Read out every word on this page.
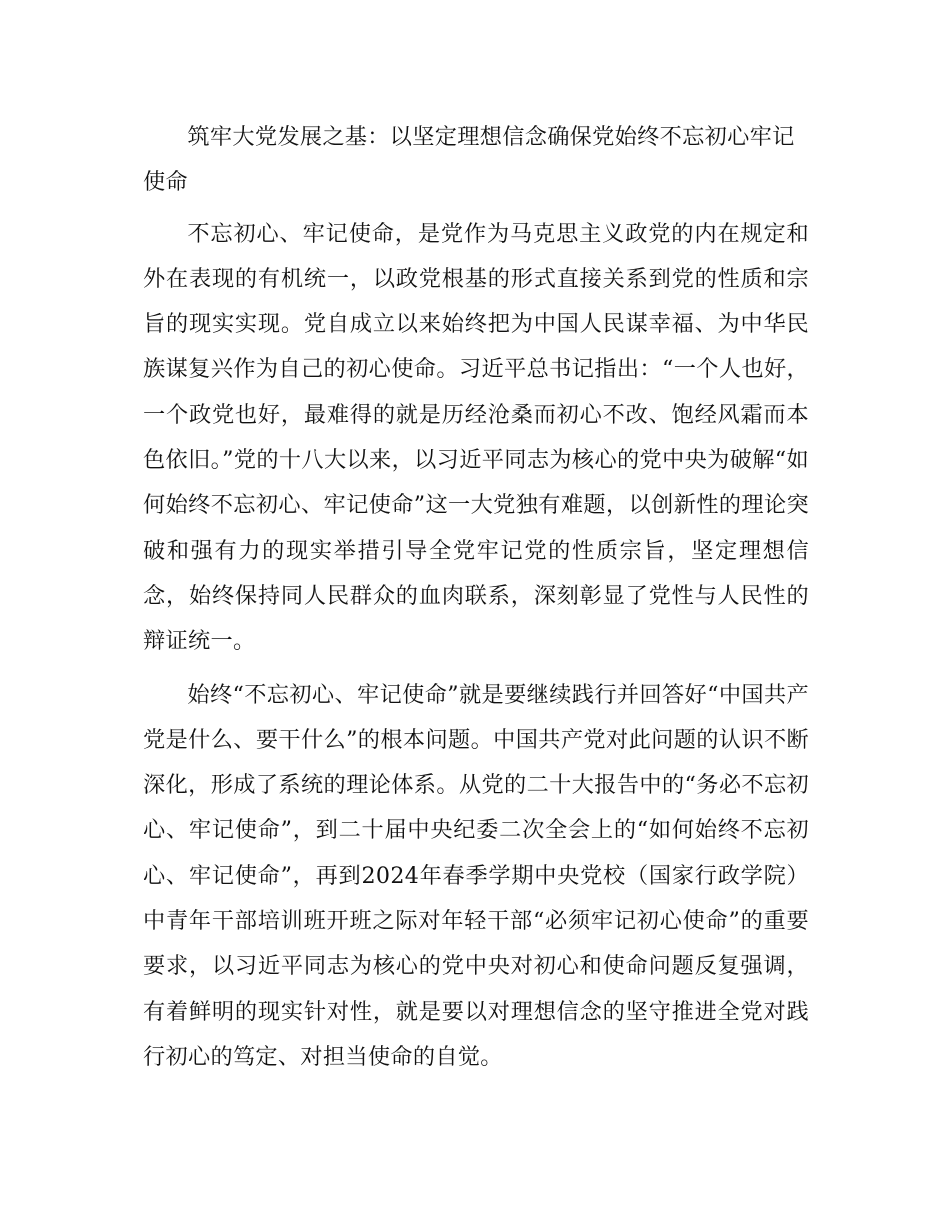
筑牢大党发展之基：以坚定理想信念确保党始终不忘初心牢记使命

不忘初心、牢记使命，是党作为马克思主义政党的内在规定和外在表现的有机统一，以政党根基的形式直接关系到党的性质和宗旨的现实实现。党自成立以来始终把为中国人民谋幸福、为中华民族谋复兴作为自己的初心使命。习近平总书记指出：“一个人也好，一个政党也好，最难得的就是历经沧桑而初心不改、饱经风霜而本色依旧。”党的十八大以来，以习近平同志为核心的党中央为破解“如何始终不忘初心、牢记使命”这一大党独有难题，以创新性的理论突破和强有力的现实举措引导全党牢记党的性质宗旨，坚定理想信念，始终保持同人民群众的血肉联系，深刻彰显了党性与人民性的辩证统一。

始终“不忘初心、牢记使命”就是要继续践行并回答好“中国共产党是什么、要干什么”的根本问题。中国共产党对此问题的认识不断深化，形成了系统的理论体系。从党的二十大报告中的“务必不忘初心、牢记使命”，到二十届中央纪委二次全会上的“如何始终不忘初心、牢记使命”，再到2024年春季学期中央党校（国家行政学院）中青年干部培训班开班之际对年轻干部“必须牢记初心使命”的重要要求，以习近平同志为核心的党中央对初心和使命问题反复强调，有着鲜明的现实针对性，就是要以对理想信念的坚守推进全党对践行初心的笃定、对担当使命的自觉。
